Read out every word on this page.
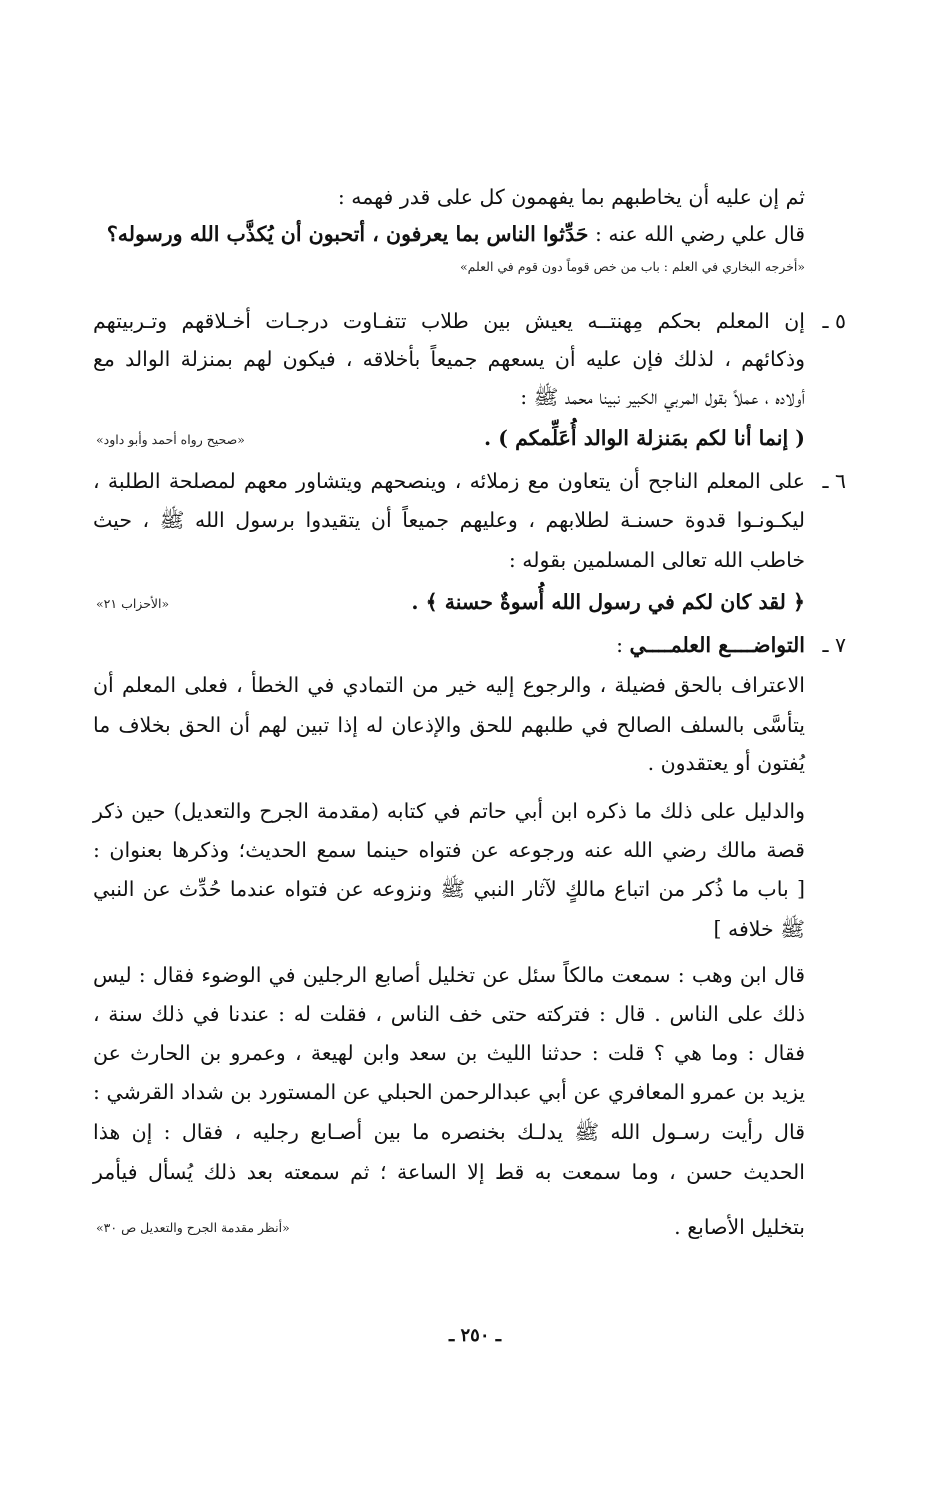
ثم إن عليه أن يخاطبهم بما يفهمون كل على قدر فهمه :
قال علي رضي الله عنه : حَدِّثوا الناس بما يعرفون ، أتحبون أن يُكذَّب الله ورسوله؟
«أخرجه البخاري في العلم : باب من خص قوماً دون قوم في العلم»
٥ ـ
إن المعلم بحكم مِهنتــه يعيش بين طلاب تتفـاوت درجـات أخـلاقهم وتـربيتهم
وذكائهم ، لذلك فإن عليه أن يسعهم جميعاً بأخلاقه ، فيكون لهم بمنزلة الوالد مع
أولاده ، عملاً بقول المربي الكبير نبينا محمد ﷺ :
( إنما أنا لكم بمَنزلة الوالد أُعَلِّمكم ) .
«صحيح رواه أحمد وأبو داود»
٦ ـ
على المعلم الناجح أن يتعاون مع زملائه ، وينصحهم ويتشاور معهم لمصلحة الطلبة ،
ليكـونـوا قدوة حسنـة لطلابهم ، وعليهم جميعاً أن يتقيدوا برسول الله ﷺ ، حيث
خاطب الله تعالى المسلمين بقوله :
﴿ لقد كان لكم في رسول الله أُسوةٌ حسنة ﴾ .
«الأحزاب ٢١»
٧ ـ
التواضــــع العلمــــي :
الاعتراف بالحق فضيلة ، والرجوع إليه خير من التمادي في الخطأ ، فعلى المعلم أن
يتأسَّى بالسلف الصالح في طلبهم للحق والإذعان له إذا تبين لهم أن الحق بخلاف ما
يُفتون أو يعتقدون .
والدليل على ذلك ما ذكره ابن أبي حاتم في كتابه (مقدمة الجرح والتعديل) حين ذكر
قصة مالك رضي الله عنه ورجوعه عن فتواه حينما سمع الحديث؛ وذكرها بعنوان :
[ باب ما ذُكر من اتباع مالكٍ لآثار النبي ﷺ ونزوعه عن فتواه عندما حُدِّث عن النبي
ﷺ خلافه ]
قال ابن وهب : سمعت مالكاً سئل عن تخليل أصابع الرجلين في الوضوء فقال : ليس
ذلك على الناس . قال : فتركته حتى خف الناس ، فقلت له : عندنا في ذلك سنة ،
فقال : وما هي ؟ قلت : حدثنا الليث بن سعد وابن لهيعة ، وعمرو بن الحارث عن
يزيد بن عمرو المعافري عن أبي عبدالرحمن الحبلي عن المستورد بن شداد القرشي :
قال رأيت رسـول الله ﷺ يدلـك بخنصره ما بين أصـابع رجليه ، فقال : إن هذا
الحديث حسن ، وما سمعت به قط إلا الساعة ؛ ثم سمعته بعد ذلك يُسأل فيأمر
بتخليل الأصابع .
«أنظر مقدمة الجرح والتعديل ص ٣٠»
ـ ٢٥٠ ـ
